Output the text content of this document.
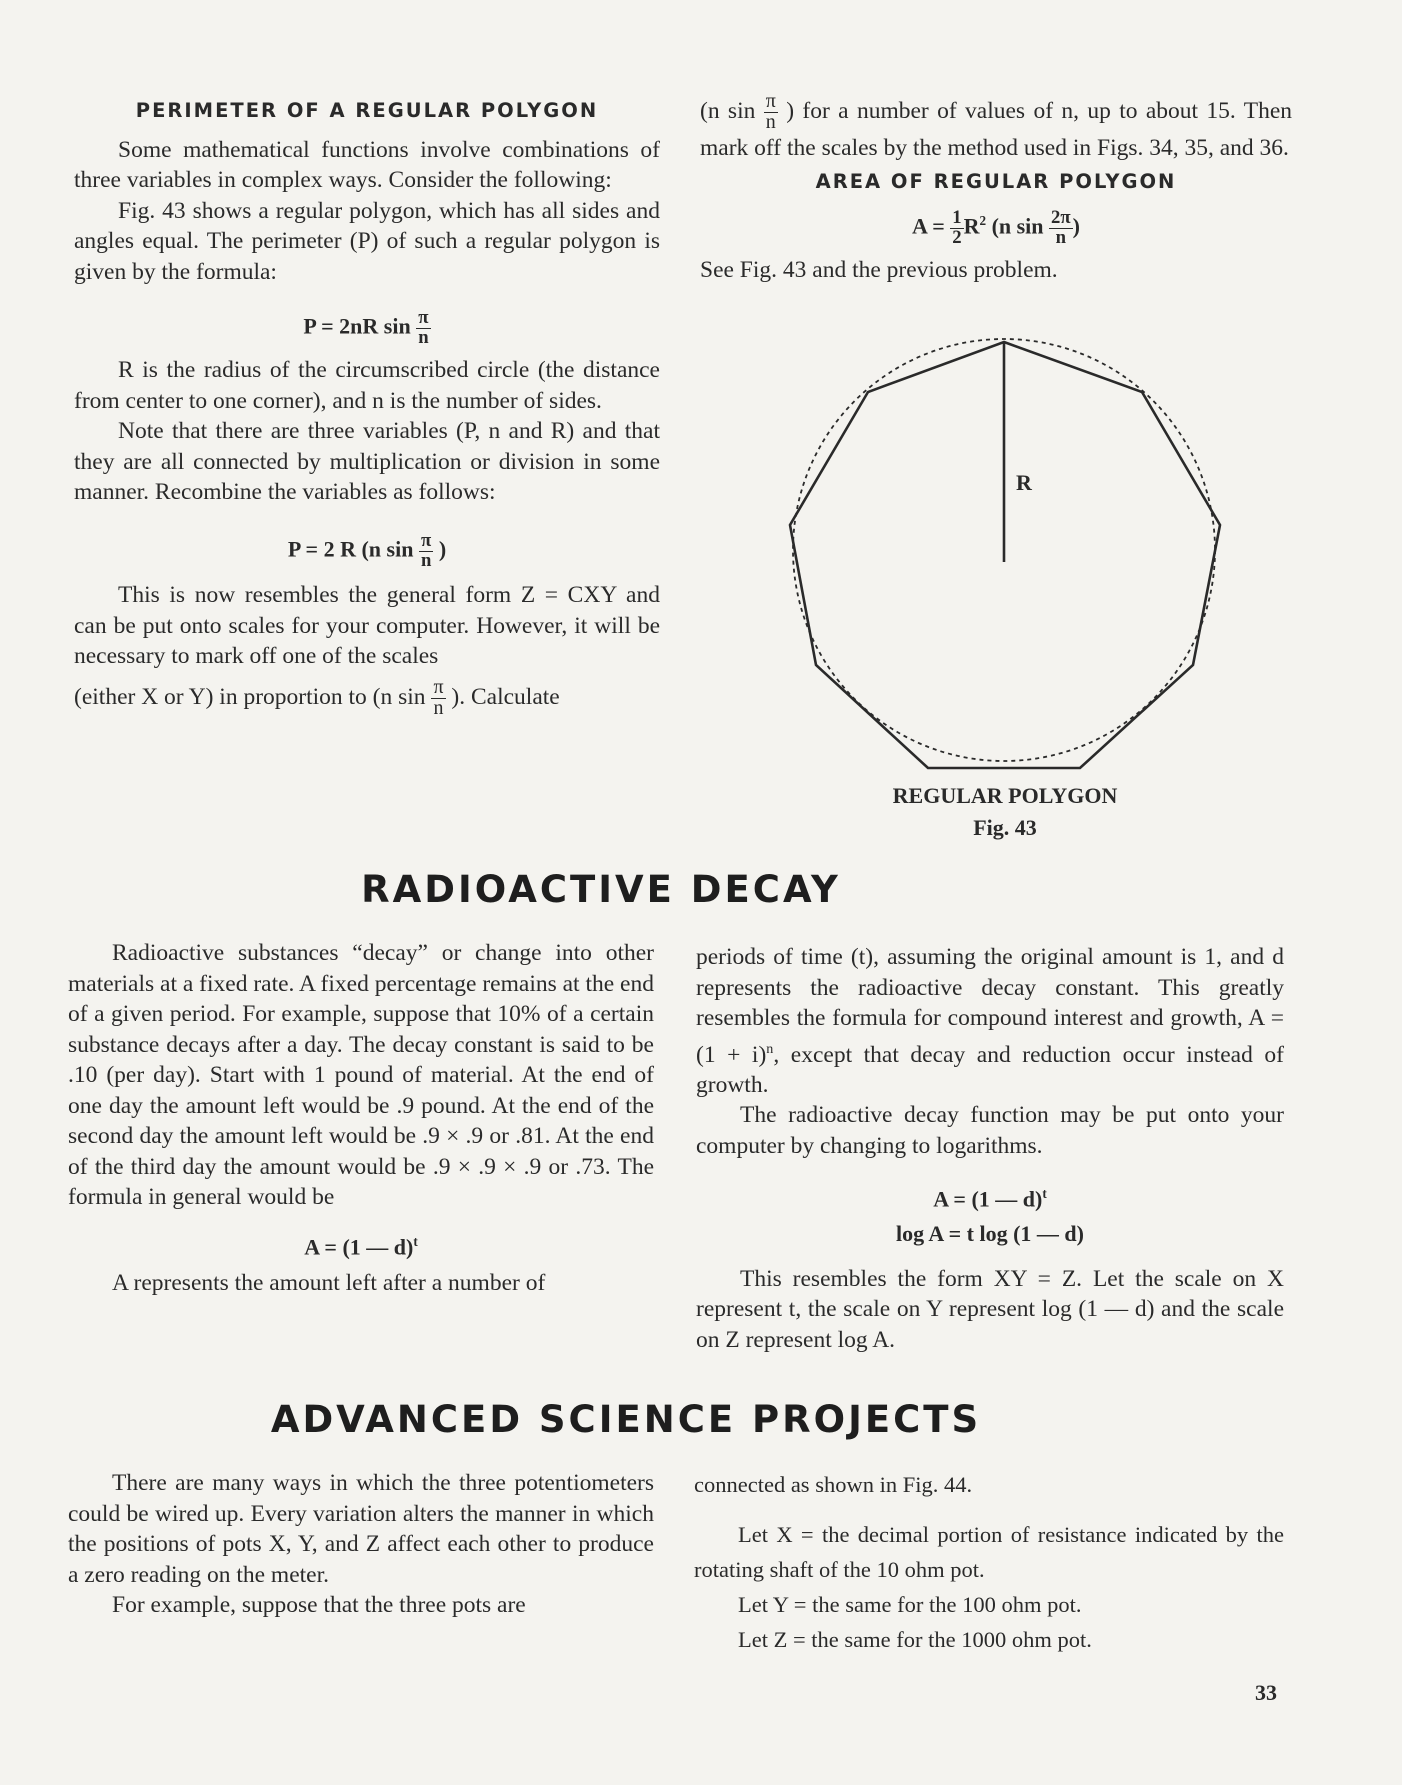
PERIMETER OF A REGULAR POLYGON

Some mathematical functions involve combinations of three variables in complex ways. Consider the following:

Fig. 43 shows a regular polygon, which has all sides and angles equal. The perimeter (P) of such a regular polygon is given by the formula:

P = 2nR $\sin \frac{\pi}{n}$

R is the radius of the circumscribed circle (the distance from center to one corner), and n is the number of sides.

Note that there are three variables (P, n and R) and that they are all connected by multiplication or division in some manner. Recombine the variables as follows:

P = 2 R (n $\sin \frac{\pi}{n}$ )

This is now resembles the general form Z = CXY and can be put onto scales for your computer. However, it will be necessary to mark off one of the scales

(either X or Y) in proportion to (n $\sin \frac{\pi}{n}$ ). Calculate

(n $\sin \frac{\pi}{n}$ ) for a number of values of n, up to about 15. Then mark off the scales by the method used in Figs. 34, 35, and 36.

AREA OF REGULAR POLYGON
$A = \frac{1}{2} R^2$ (n $\sin \frac{2\pi}{n}$ )

See Fig. 43 and the previous problem.

R
REGULAR POLYGON
Fig. 43
RADIOACTIVE DECAY

Radioactive substances “decay” or change into other materials at a fixed rate. A fixed percentage remains at the end of a given period. For example, suppose that 10% of a certain substance decays after a day. The decay constant is said to be .10 (per day). Start with 1 pound of material. At the end of one day the amount left would be .9 pound. At the end of the second day the amount left would be .9 × .9 or .81. At the end of the third day the amount would be .9 × .9 × .9 or .73. The formula in general would be

A = (1 — d)$^t$

A represents the amount left after a number of

periods of time (t), assuming the original amount is 1, and d represents the radioactive decay constant. This greatly resembles the formula for compound interest and growth, $A = (1 + i)^n$, except that decay and reduction occur instead of growth.

The radioactive decay function may be put onto your computer by changing to logarithms.

A = (1 — d)$^t$
log A = t log (1 — d)

This resembles the form XY = Z. Let the scale on X represent t, the scale on Y represent log (1 — d) and the scale on Z represent log A.

ADVANCED SCIENCE PROJECTS

There are many ways in which the three potentiometers could be wired up. Every variation alters the manner in which the positions of pots X, Y, and Z affect each other to produce a zero reading on the meter.

For example, suppose that the three pots are

connected as shown in Fig. 44.

Let X = the decimal portion of resistance indicated by the rotating shaft of the 10 ohm pot.

Let Y = the same for the 100 ohm pot.

Let Z = the same for the 1000 ohm pot.

33
